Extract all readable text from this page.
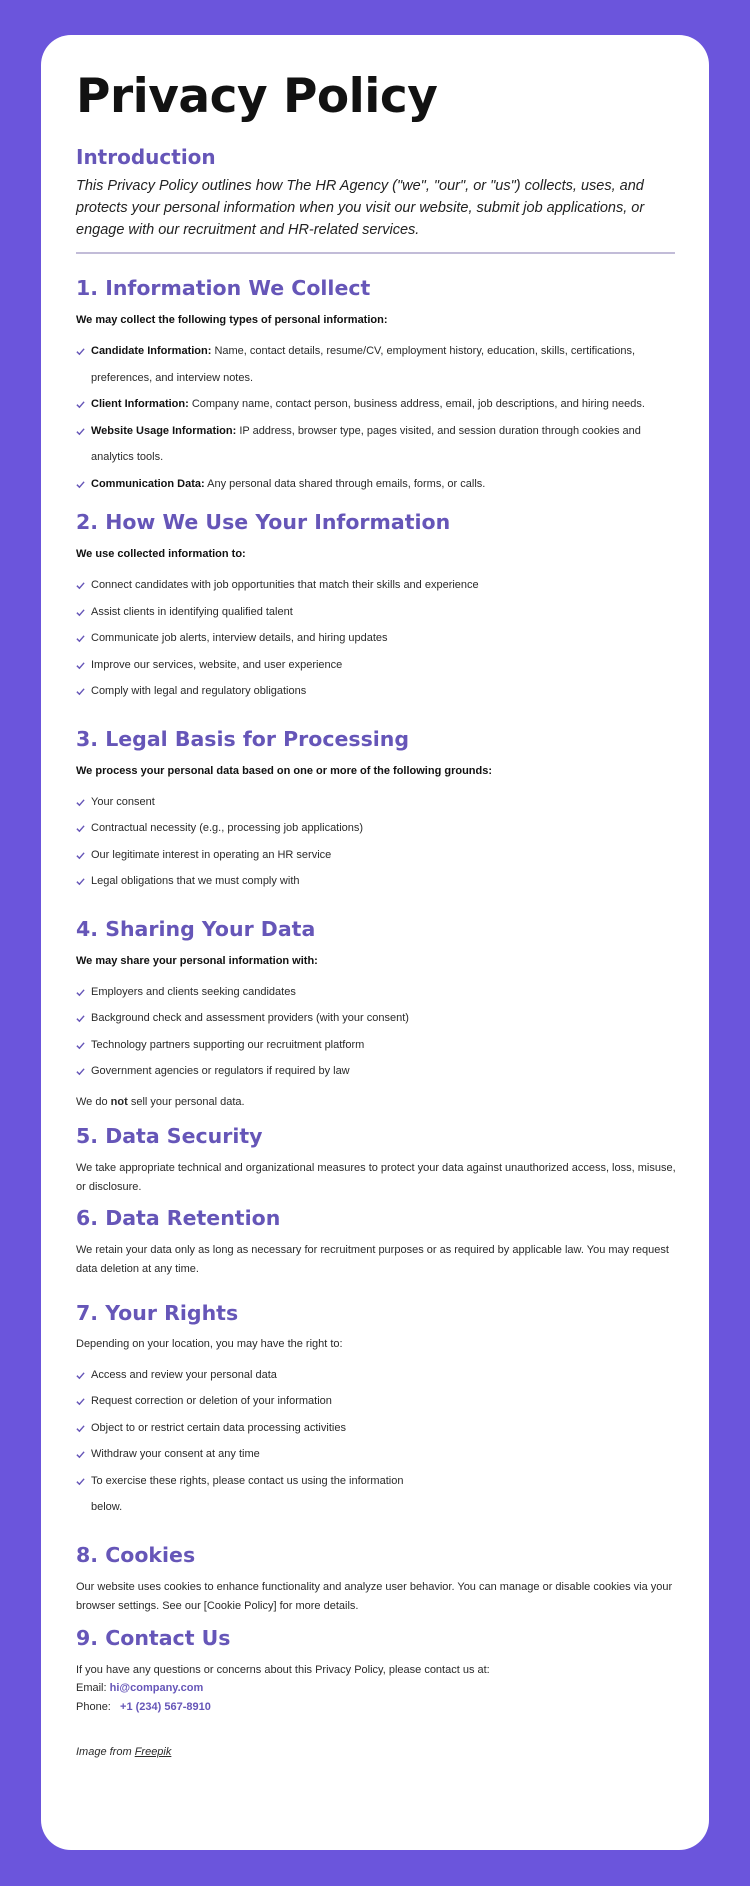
Privacy Policy
Introduction

This Privacy Policy outlines how The HR Agency ("we", "our", or "us") collects, uses, and protects your personal information when you visit our website, submit job applications, or engage with our recruitment and HR-related services.

1. Information We Collect

We may collect the following types of personal information:

Candidate Information: Name, contact details, resume/CV, employment history, education, skills, certifications, preferences, and interview notes.
Client Information: Company name, contact person, business address, email, job descriptions, and hiring needs.
Website Usage Information: IP address, browser type, pages visited, and session duration through cookies and analytics tools.
Communication Data: Any personal data shared through emails, forms, or calls.
2. How We Use Your Information

We use collected information to:

Connect candidates with job opportunities that match their skills and experience
Assist clients in identifying qualified talent
Communicate job alerts, interview details, and hiring updates
Improve our services, website, and user experience
Comply with legal and regulatory obligations
3. Legal Basis for Processing

We process your personal data based on one or more of the following grounds:

Your consent
Contractual necessity (e.g., processing job applications)
Our legitimate interest in operating an HR service
Legal obligations that we must comply with
4. Sharing Your Data

We may share your personal information with:

Employers and clients seeking candidates
Background check and assessment providers (with your consent)
Technology partners supporting our recruitment platform
Government agencies or regulators if required by law

We do not sell your personal data.

5. Data Security

We take appropriate technical and organizational measures to protect your data against unauthorized access, loss, misuse, or disclosure.

6. Data Retention

We retain your data only as long as necessary for recruitment purposes or as required by applicable law. You may request data deletion at any time.

7. Your Rights

Depending on your location, you may have the right to:

Access and review your personal data
Request correction or deletion of your information
Object to or restrict certain data processing activities
Withdraw your consent at any time
To exercise these rights, please contact us using the information below.
8. Cookies

Our website uses cookies to enhance functionality and analyze user behavior. You can manage or disable cookies via your browser settings. See our [Cookie Policy] for more details.

9. Contact Us

If you have any questions or concerns about this Privacy Policy, please contact us at:

Email: hi@company.com

Phone: +1 (234) 567-8910

Image from Freepik
